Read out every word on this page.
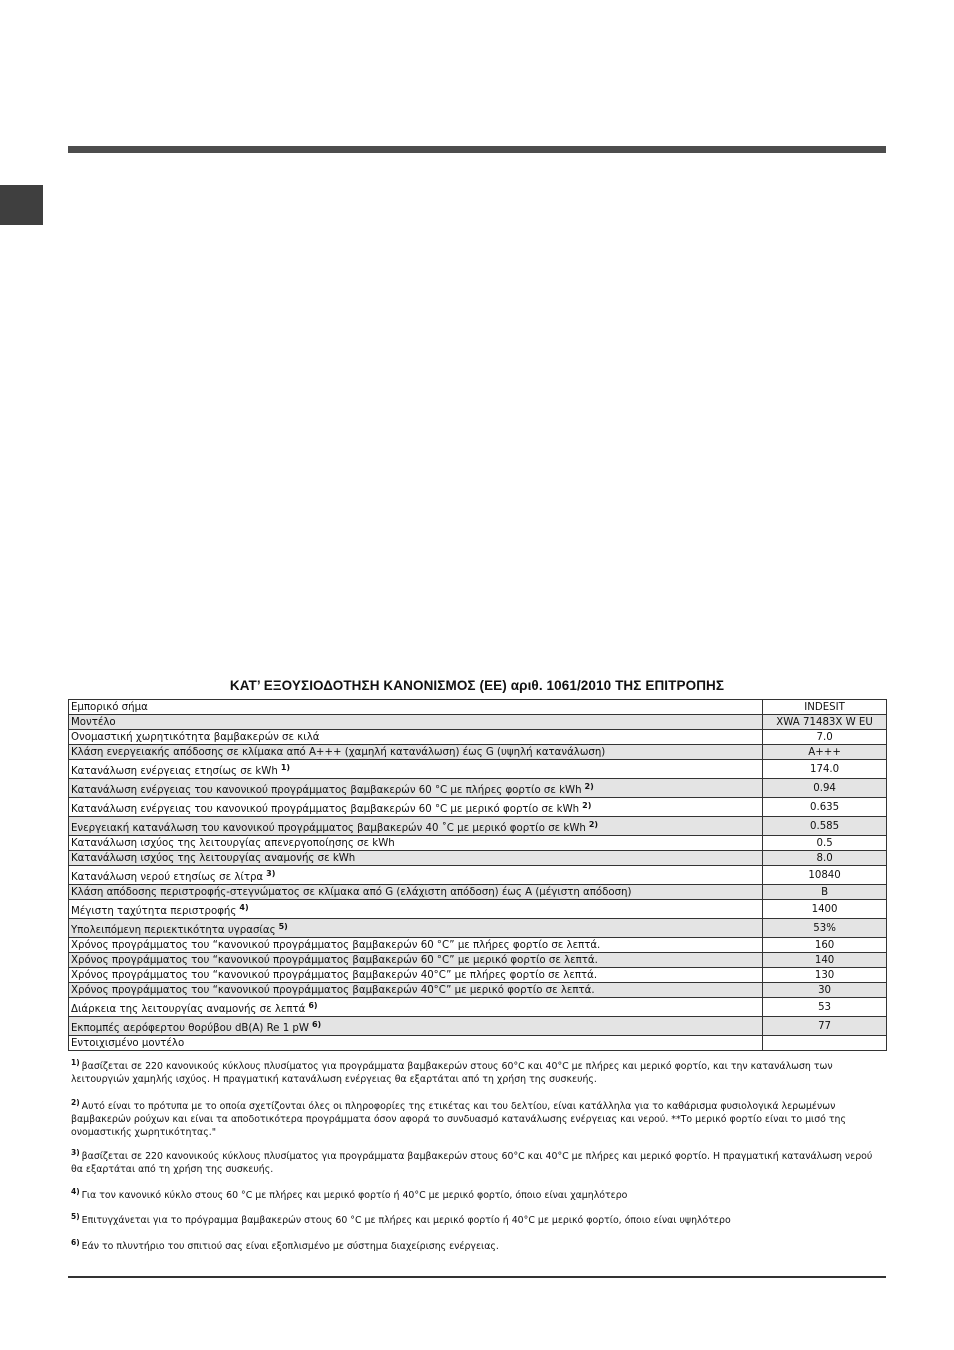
ΚΑΤ’ ΕΞΟΥΣΙΟΔΟΤΗΣΗ ΚΑΝΟΝΙΣΜΟΣ (ΕΕ) αριθ. 1061/2010 ΤΗΣ ΕΠΙΤΡΟΠΗΣ
Εμπορικό σήμα	INDESIT
Μοντέλο	XWA 71483X W EU
Ονομαστική χωρητικότητα βαμβακερών σε κιλά	7.0
Κλάση ενεργειακής απόδοσης σε κλίμακα από A+++ (χαμηλή κατανάλωση) έως G (υψηλή κατανάλωση)	A+++
Κατανάλωση ενέργειας ετησίως σε kWh $^{1)}$	174.0
Κατανάλωση ενέργειας του κανονικού προγράμματος βαμβακερών 60 °C με πλήρες φορτίο σε kWh $^{2)}$	0.94
Κατανάλωση ενέργειας του κανονικού προγράμματος βαμβακερών 60 °C με μερικό φορτίο σε kWh $^{2)}$	0.635
Ενεργειακή κατανάλωση του κανονικού προγράμματος βαμβακερών 40 ˚C με μερικό φορτίο σε kWh $^{2)}$	0.585
Κατανάλωση ισχύος της λειτουργίας απενεργοποίησης σε kWh	0.5
Κατανάλωση ισχύος της λειτουργίας αναμονής σε kWh	8.0
Κατανάλωση νερού ετησίως σε λίτρα $^{3)}$	10840
Κλάση απόδοσης περιστροφής-στεγνώματος σε κλίμακα από G (ελάχιστη απόδοση) έως A (μέγιστη απόδοση)	B
Μέγιστη ταχύτητα περιστροφής $^{4)}$	1400
Υπολειπόμενη περιεκτικότητα υγρασίας $^{5)}$	53%
Χρόνος προγράμματος του “κανονικού προγράμματος βαμβακερών 60 °C” με πλήρες φορτίο σε λεπτά.	160
Χρόνος προγράμματος του “κανονικού προγράμματος βαμβακερών 60 °C” με μερικό φορτίο σε λεπτά.	140
Χρόνος προγράμματος του “κανονικού προγράμματος βαμβακερών 40°C” με πλήρες φορτίο σε λεπτά.	130
Χρόνος προγράμματος του “κανονικού προγράμματος βαμβακερών 40°C” με μερικό φορτίο σε λεπτά.	30
Διάρκεια της λειτουργίας αναμονής σε λεπτά $^{6)}$	53
Εκπομπές αερόφερτου θορύβου dB(A) Re 1 pW $^{6)}$	77
Εντοιχισμένο μοντέλο	
$^{1)}$ βασίζεται σε 220 κανονικούς κύκλους πλυσίματος για προγράμματα βαμβακερών στους 60°C και 40°C με πλήρες και μερικό φορτίο, και την κατανάλωση των λειτουργιών χαμηλής ισχύος. Η πραγματική κατανάλωση ενέργειας θα εξαρτάται από τη χρήση της συσκευής.
$^{2)}$ Αυτό είναι το πρότυπα με το οποία σχετίζονται όλες οι πληροφορίες της ετικέτας και του δελτίου, είναι κατάλληλα για το καθάρισμα φυσιολογικά λερωμένων βαμβακερών ρούχων και είναι τα αποδοτικότερα προγράμματα όσον αφορά το συνδυασμό κατανάλωσης ενέργειας και νερού. **Το μερικό φορτίο είναι το μισό της ονομαστικής χωρητικότητας."
$^{3)}$ βασίζεται σε 220 κανονικούς κύκλους πλυσίματος για προγράμματα βαμβακερών στους 60°C και 40°C με πλήρες και μερικό φορτίο. Η πραγματική κατανάλωση νερού θα εξαρτάται από τη χρήση της συσκευής.
$^{4)}$ Για τον κανονικό κύκλο στους 60 °C με πλήρες και μερικό φορτίο ή 40°C με μερικό φορτίο, όποιο είναι χαμηλότερο
$^{5)}$ Επιτυγχάνεται για το πρόγραμμα βαμβακερών στους 60 °C με πλήρες και μερικό φορτίο ή 40°C με μερικό φορτίο, όποιο είναι υψηλότερο
$^{6)}$ Εάν το πλυντήριο του σπιτιού σας είναι εξοπλισμένο με σύστημα διαχείρισης ενέργειας.
